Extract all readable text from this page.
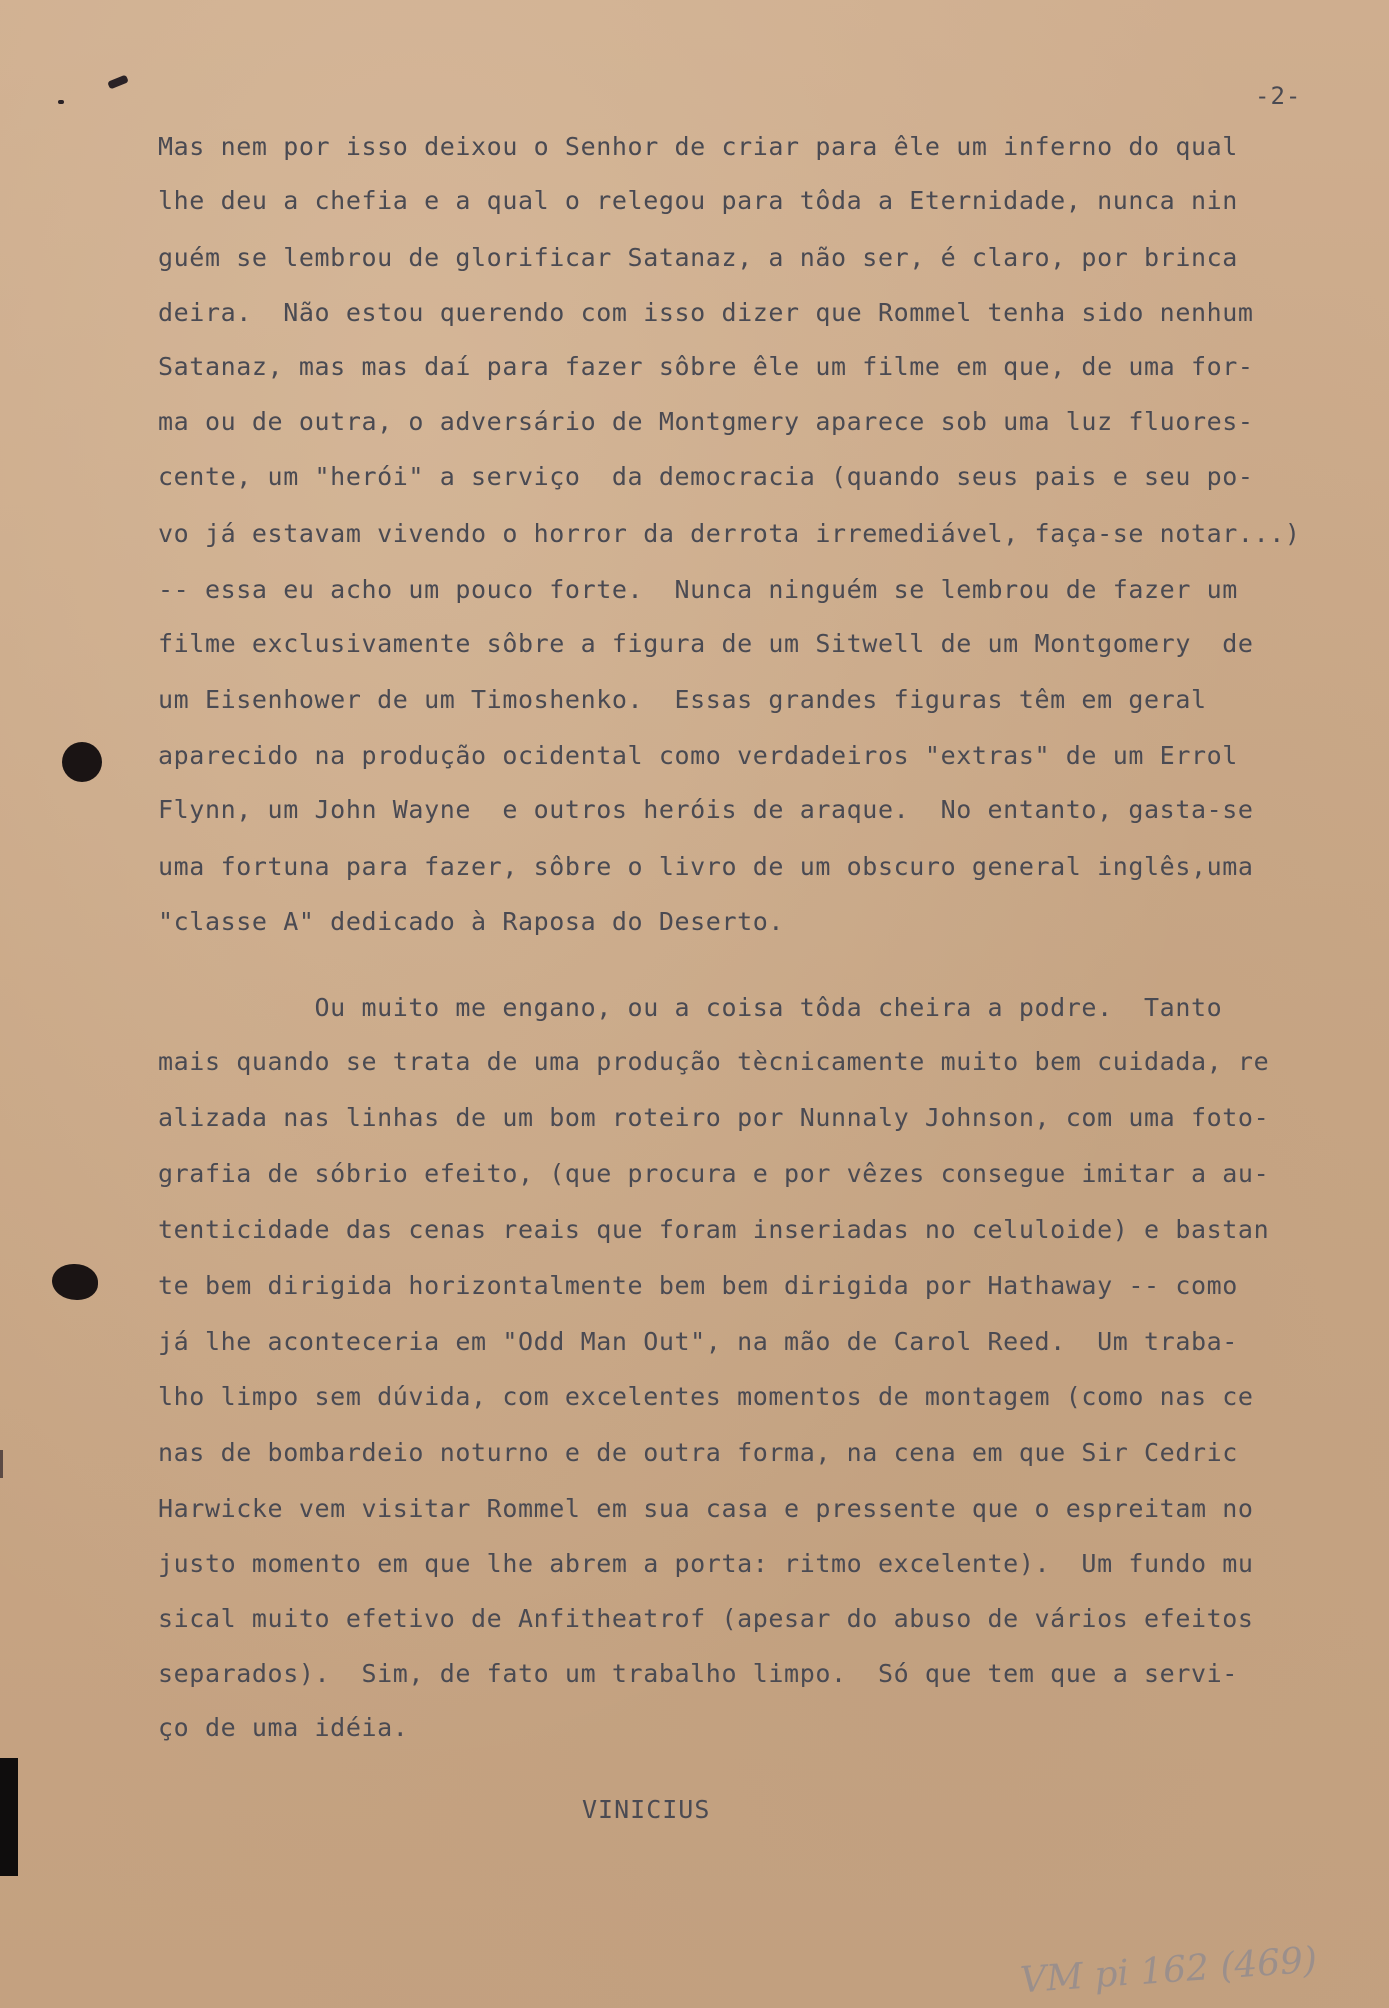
-2-
Mas nem por isso deixou o Senhor de criar para êle um inferno do qual
lhe deu a chefia e a qual o relegou para tôda a Eternidade, nunca nin
guém se lembrou de glorificar Satanaz, a não ser, é claro, por brinca
deira.  Não estou querendo com isso dizer que Rommel tenha sido nenhum
Satanaz, mas mas daí para fazer sôbre êle um filme em que, de uma for-
ma ou de outra, o adversário de Montgmery aparece sob uma luz fluores-
cente, um "herói" a serviço  da democracia (quando seus pais e seu po-
vo já estavam vivendo o horror da derrota irremediável, faça-se notar...)
-- essa eu acho um pouco forte.  Nunca ninguém se lembrou de fazer um
filme exclusivamente sôbre a figura de um Sitwell de um Montgomery  de
um Eisenhower de um Timoshenko.  Essas grandes figuras têm em geral
aparecido na produção ocidental como verdadeiros "extras" de um Errol
Flynn, um John Wayne  e outros heróis de araque.  No entanto, gasta-se
uma fortuna para fazer, sôbre o livro de um obscuro general inglês,uma
"classe A" dedicado à Raposa do Deserto.
Ou muito me engano, ou a coisa tôda cheira a podre.  Tanto
mais quando se trata de uma produção tècnicamente muito bem cuidada, re
alizada nas linhas de um bom roteiro por Nunnaly Johnson, com uma foto-
grafia de sóbrio efeito, (que procura e por vêzes consegue imitar a au-
tenticidade das cenas reais que foram inseriadas no celuloide) e bastan
te bem dirigida horizontalmente bem bem dirigida por Hathaway -- como
já lhe aconteceria em "Odd Man Out", na mão de Carol Reed.  Um traba-
lho limpo sem dúvida, com excelentes momentos de montagem (como nas ce
nas de bombardeio noturno e de outra forma, na cena em que Sir Cedric
Harwicke vem visitar Rommel em sua casa e pressente que o espreitam no
justo momento em que lhe abrem a porta: ritmo excelente).  Um fundo mu
sical muito efetivo de Anfitheatrof (apesar do abuso de vários efeitos
separados).  Sim, de fato um trabalho limpo.  Só que tem que a servi-
ço de uma idéia.
VINICIUS
VM pi 162 (469)
